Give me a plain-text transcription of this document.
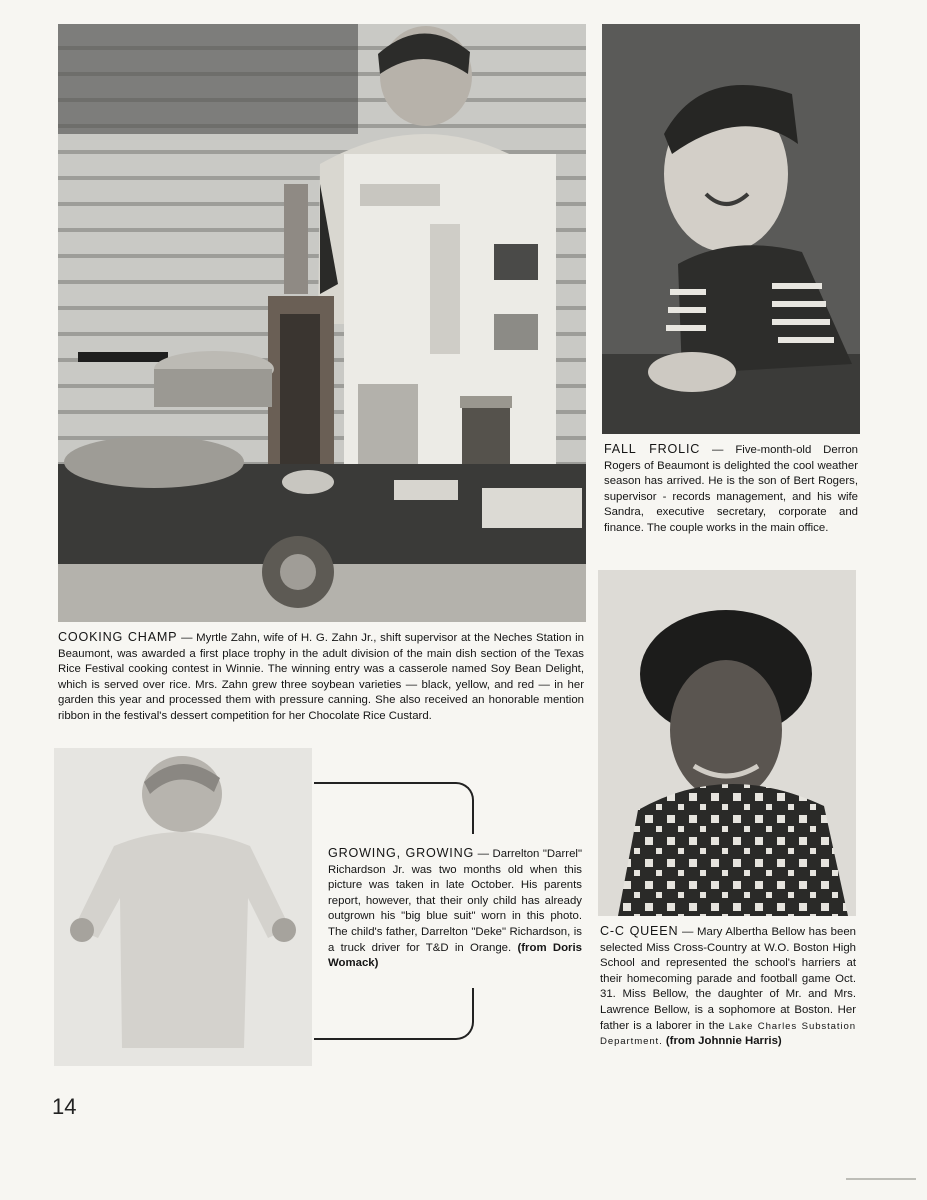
COOKING CHAMP — Myrtle Zahn, wife of H. G. Zahn Jr., shift supervisor at the Neches Station in Beaumont, was awarded a first place trophy in the adult division of the main dish section of the Texas Rice Festival cooking contest in Winnie. The winning entry was a casserole named Soy Bean Delight, which is served over rice. Mrs. Zahn grew three soybean varieties — black, yellow, and red — in her garden this year and processed them with pressure canning. She also received an honorable mention ribbon in the festival's dessert competition for her Chocolate Rice Custard.
FALL FROLIC — Five-month-old Derron Rogers of Beaumont is delighted the cool weather season has arrived. He is the son of Bert Rogers, supervisor - records management, and his wife Sandra, executive secretary, corporate and finance. The couple works in the main office.
GROWING, GROWING — Darrelton "Darrel" Richardson Jr. was two months old when this picture was taken in late October. His parents report, however, that their only child has already outgrown his "big blue suit" worn in this photo. The child's father, Darrelton "Deke" Richardson, is a truck driver for T&D in Orange. (from Doris Womack)
C-C QUEEN — Mary Albertha Bellow has been selected Miss Cross-Country at W.O. Boston High School and represented the school's harriers at their homecoming parade and football game Oct. 31. Miss Bellow, the daughter of Mr. and Mrs. Lawrence Bellow, is a sophomore at Boston. Her father is a laborer in the Lake Charles Substation Department. (from Johnnie Harris)
14
